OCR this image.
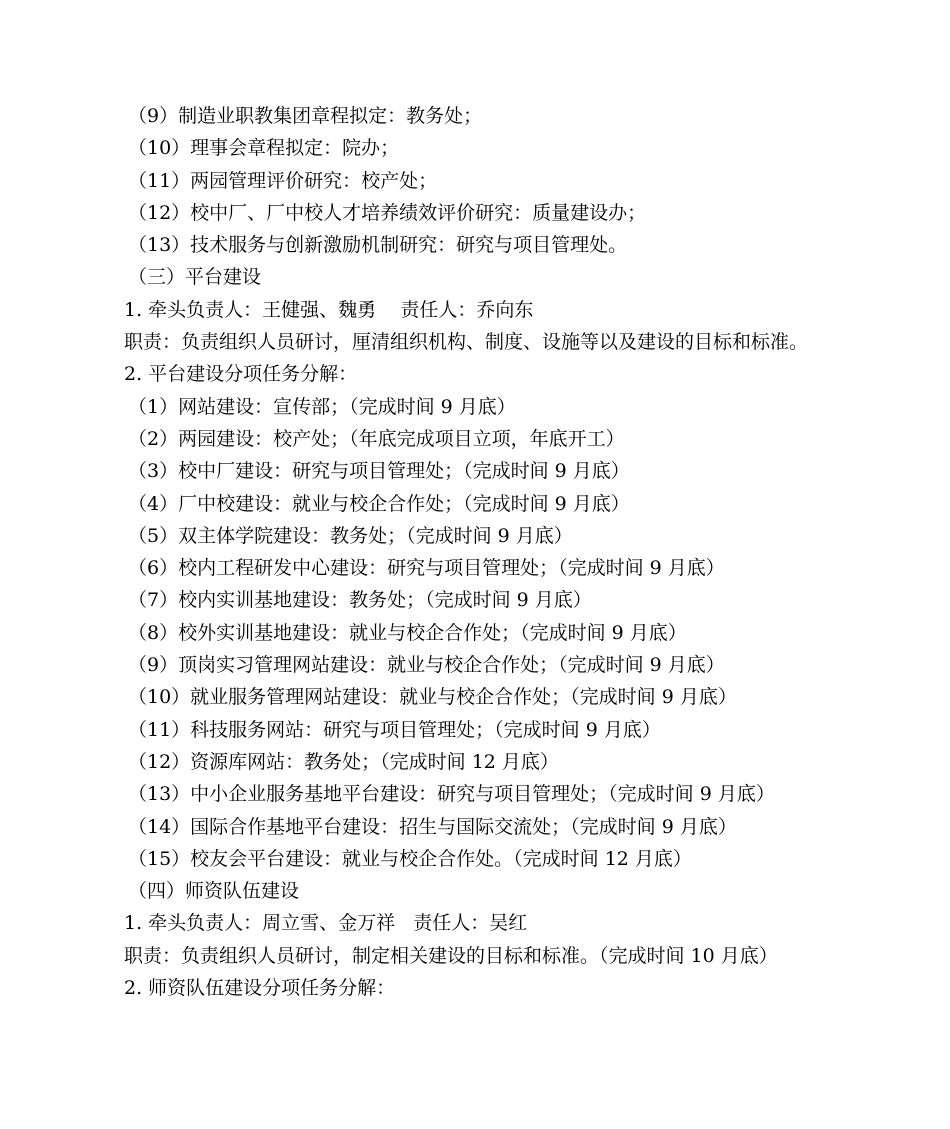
（9）制造业职教集团章程拟定：教务处；
（10）理事会章程拟定：院办；
（11）两园管理评价研究：校产处；
（12）校中厂、厂中校人才培养绩效评价研究：质量建设办；
（13）技术服务与创新激励机制研究：研究与项目管理处。
（三）平台建设
1. 牵头负责人：王健强、魏勇    责任人：乔向东
职责：负责组织人员研讨，厘清组织机构、制度、设施等以及建设的目标和标准。
2. 平台建设分项任务分解：
（1）网站建设：宣传部；（完成时间 9 月底）
（2）两园建设：校产处；（年底完成项目立项，年底开工）
（3）校中厂建设：研究与项目管理处；（完成时间 9 月底）
（4）厂中校建设：就业与校企合作处；（完成时间 9 月底）
（5）双主体学院建设：教务处；（完成时间 9 月底）
（6）校内工程研发中心建设：研究与项目管理处；（完成时间 9 月底）
（7）校内实训基地建设：教务处；（完成时间 9 月底）
（8）校外实训基地建设：就业与校企合作处；（完成时间 9 月底）
（9）顶岗实习管理网站建设：就业与校企合作处；（完成时间 9 月底）
（10）就业服务管理网站建设：就业与校企合作处；（完成时间 9 月底）
（11）科技服务网站：研究与项目管理处；（完成时间 9 月底）
（12）资源库网站：教务处；（完成时间 12 月底）
（13）中小企业服务基地平台建设：研究与项目管理处；（完成时间 9 月底）
（14）国际合作基地平台建设：招生与国际交流处；（完成时间 9 月底）
（15）校友会平台建设：就业与校企合作处。（完成时间 12 月底）
（四）师资队伍建设
1. 牵头负责人：周立雪、金万祥   责任人：吴红
职责：负责组织人员研讨，制定相关建设的目标和标准。（完成时间 10 月底）
2. 师资队伍建设分项任务分解：
